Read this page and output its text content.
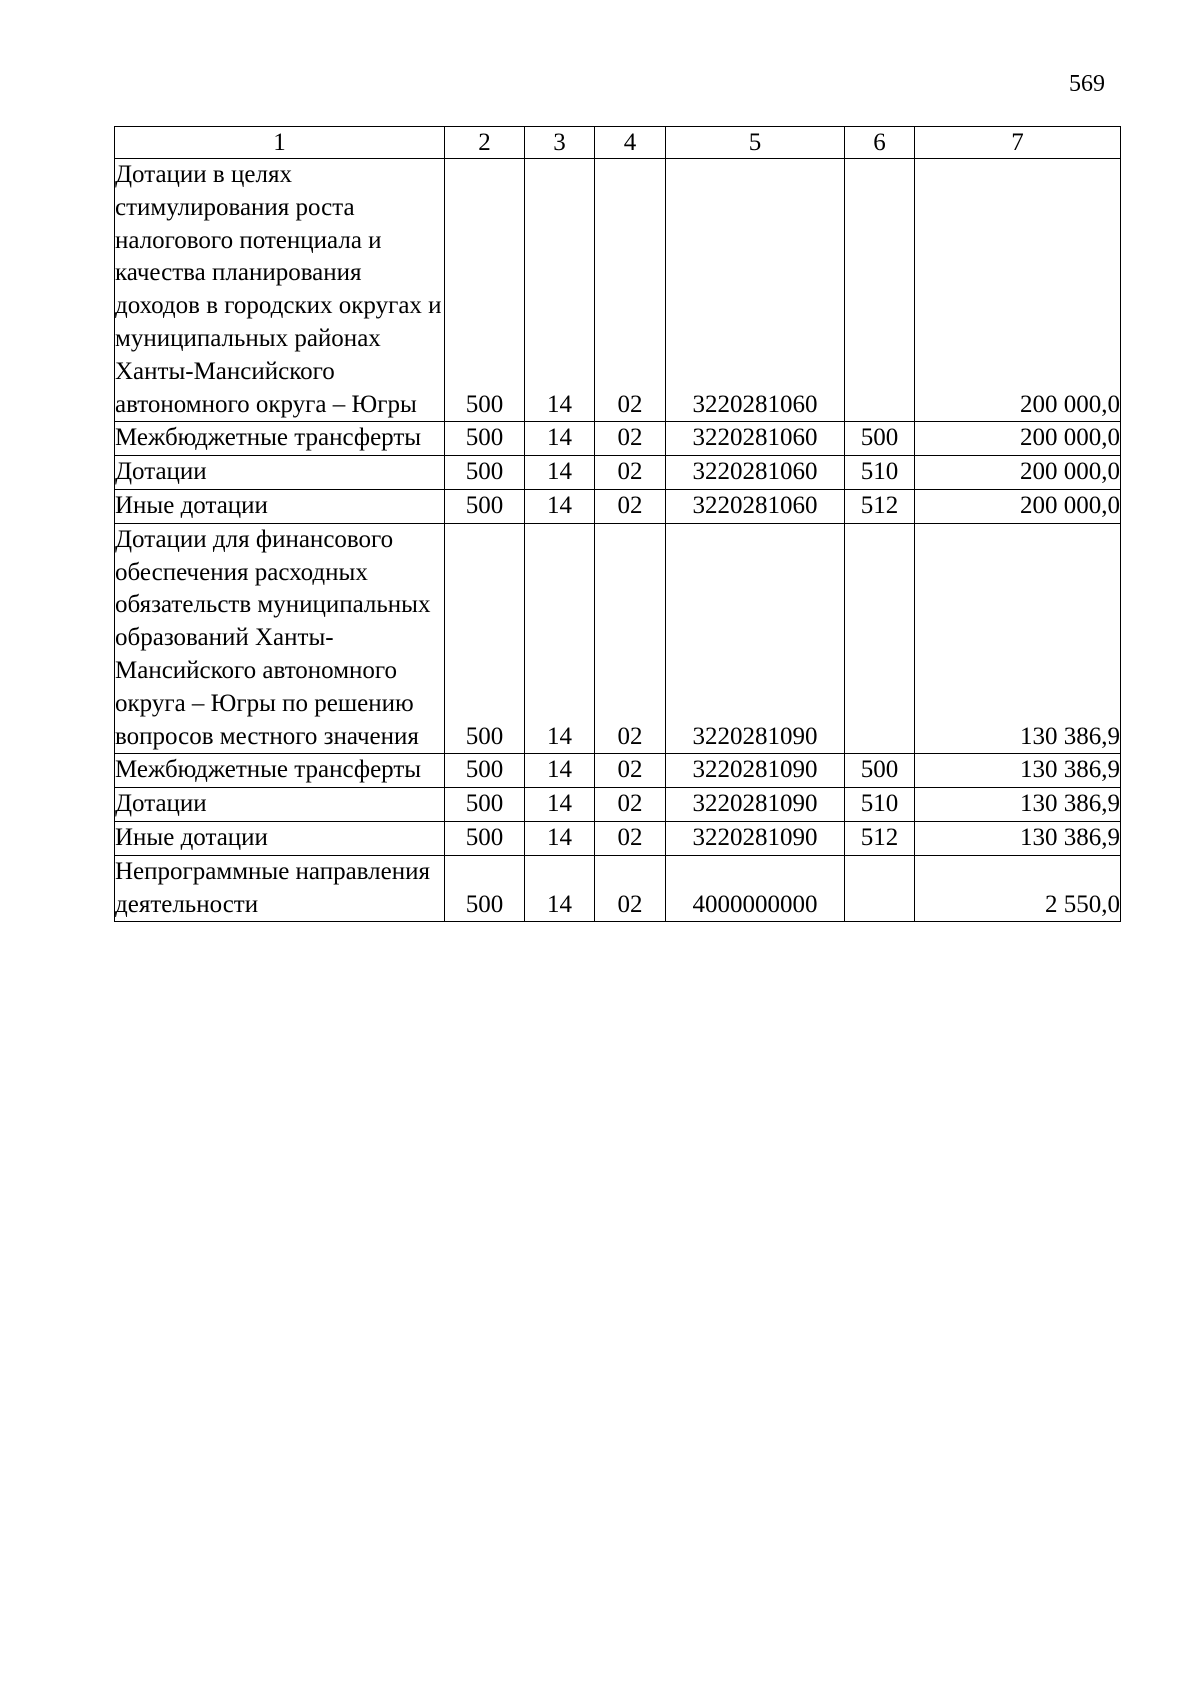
569
1	2	3	4	5	6	7
Дотации в целях стимулирования роста налогового потенциала и качества планирования доходов в городских округах и муниципальных районах Ханты-Мансийского автономного округа – Югры	500	14	02	3220281060		200 000,0
Межбюджетные трансферты	500	14	02	3220281060	500	200 000,0
Дотации	500	14	02	3220281060	510	200 000,0
Иные дотации	500	14	02	3220281060	512	200 000,0
Дотации для финансового обеспечения расходных обязательств муниципальных образований Ханты-Мансийского автономного округа – Югры по решению вопросов местного значения	500	14	02	3220281090		130 386,9
Межбюджетные трансферты	500	14	02	3220281090	500	130 386,9
Дотации	500	14	02	3220281090	510	130 386,9
Иные дотации	500	14	02	3220281090	512	130 386,9
Непрограммные направления деятельности	500	14	02	4000000000		2 550,0
